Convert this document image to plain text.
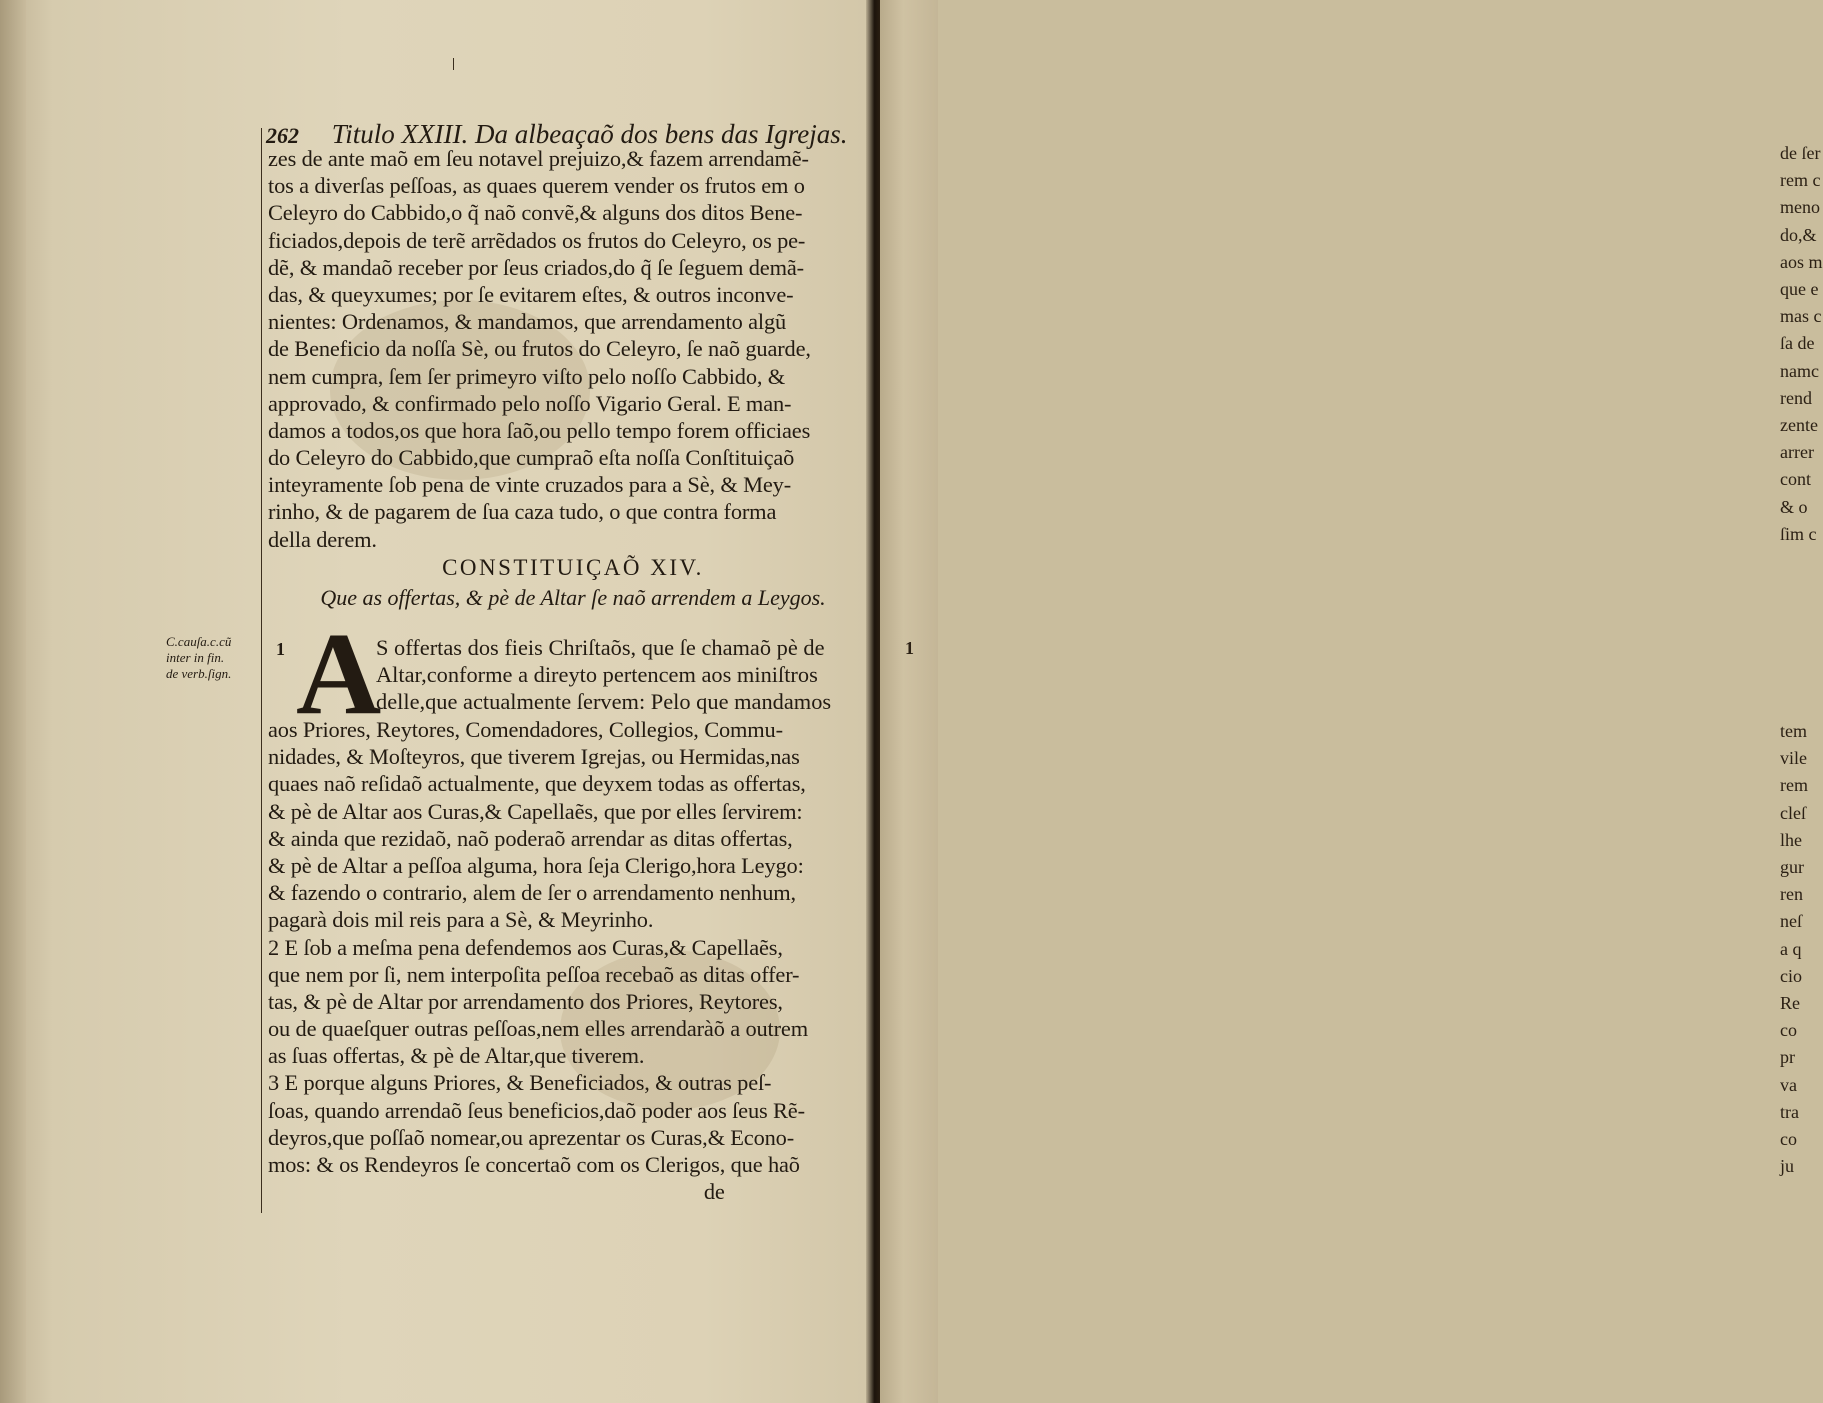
262 Titulo XXIII. Da albeaçaõ dos bens das Igrejas.
zes de ante maõ em ſeu notavel prejuizo,& fazem arrendamẽ-
tos a diverſas peſſoas, as quaes querem vender os frutos em o
Celeyro do Cabbido,o q̃ naõ convẽ,& alguns dos ditos Bene-
ficiados,depois de terẽ arrẽdados os frutos do Celeyro, os pe-
dẽ, & mandaõ receber por ſeus criados,do q̃ ſe ſeguem demã-
das, & queyxumes; por ſe evitarem eſtes, & outros inconve-
nientes: Ordenamos, & mandamos, que arrendamento algũ
de Beneficio da noſſa Sè, ou frutos do Celeyro, ſe naõ guarde,
nem cumpra, ſem ſer primeyro viſto pelo noſſo Cabbido, &
approvado, & confirmado pelo noſſo Vigario Geral. E man-
damos a todos,os que hora ſaõ,ou pello tempo forem officiaes
do Celeyro do Cabbido,que cumpraõ eſta noſſa Conſtituiçaõ
inteyramente ſob pena de vinte cruzados para a Sè, & Mey-
rinho, & de pagarem de ſua caza tudo, o que contra forma
della derem.
CONSTITUIÇAÕ XIV.
Que as offertas, & pè de Altar ſe naõ arrendem a Leygos.
C.cauſa.c.cũ
inter in fin.
de verb.ſign.
1 A
S offertas dos fieis Chriſtaõs, que ſe chamaõ pè de
Altar,conforme a direyto pertencem aos miniſtros
delle,que actualmente ſervem: Pelo que mandamos
aos Priores, Reytores, Comendadores, Collegios, Commu-
nidades, & Moſteyros, que tiverem Igrejas, ou Hermidas,nas
quaes naõ reſidaõ actualmente, que deyxem todas as offertas,
& pè de Altar aos Curas,& Capellaẽs, que por elles ſervirem:
& ainda que rezidaõ, naõ poderaõ arrendar as ditas offertas,
& pè de Altar a peſſoa alguma, hora ſeja Clerigo,hora Leygo:
& fazendo o contrario, alem de ſer o arrendamento nenhum,
pagarà dois mil reis para a Sè, & Meyrinho.
2 E ſob a meſma pena defendemos aos Curas,& Capellaẽs,
que nem por ſi, nem interpoſita peſſoa recebaõ as ditas offer-
tas, & pè de Altar por arrendamento dos Priores, Reytores,
ou de quaeſquer outras peſſoas,nem elles arrendaràõ a outrem
as ſuas offertas, & pè de Altar,que tiverem.
3 E porque alguns Priores, & Beneficiados, & outras peſ-
ſoas, quando arrendaõ ſeus beneficios,daõ poder aos ſeus Rẽ-
deyros,que poſſaõ nomear,ou aprezentar os Curas,& Econo-
mos: & os Rendeyros ſe concertaõ com os Clerigos, que haõ
de
de ſer
rem c
meno
do,&
aos m
que e
mas c
ſa de
namc
rend
zente
arrer
cont
& o
ſim c
1
tem
vile
rem
cleſ
lhe
gur
ren
neſ
a q
cio
Re
co
pr
va
tra
co
ju
